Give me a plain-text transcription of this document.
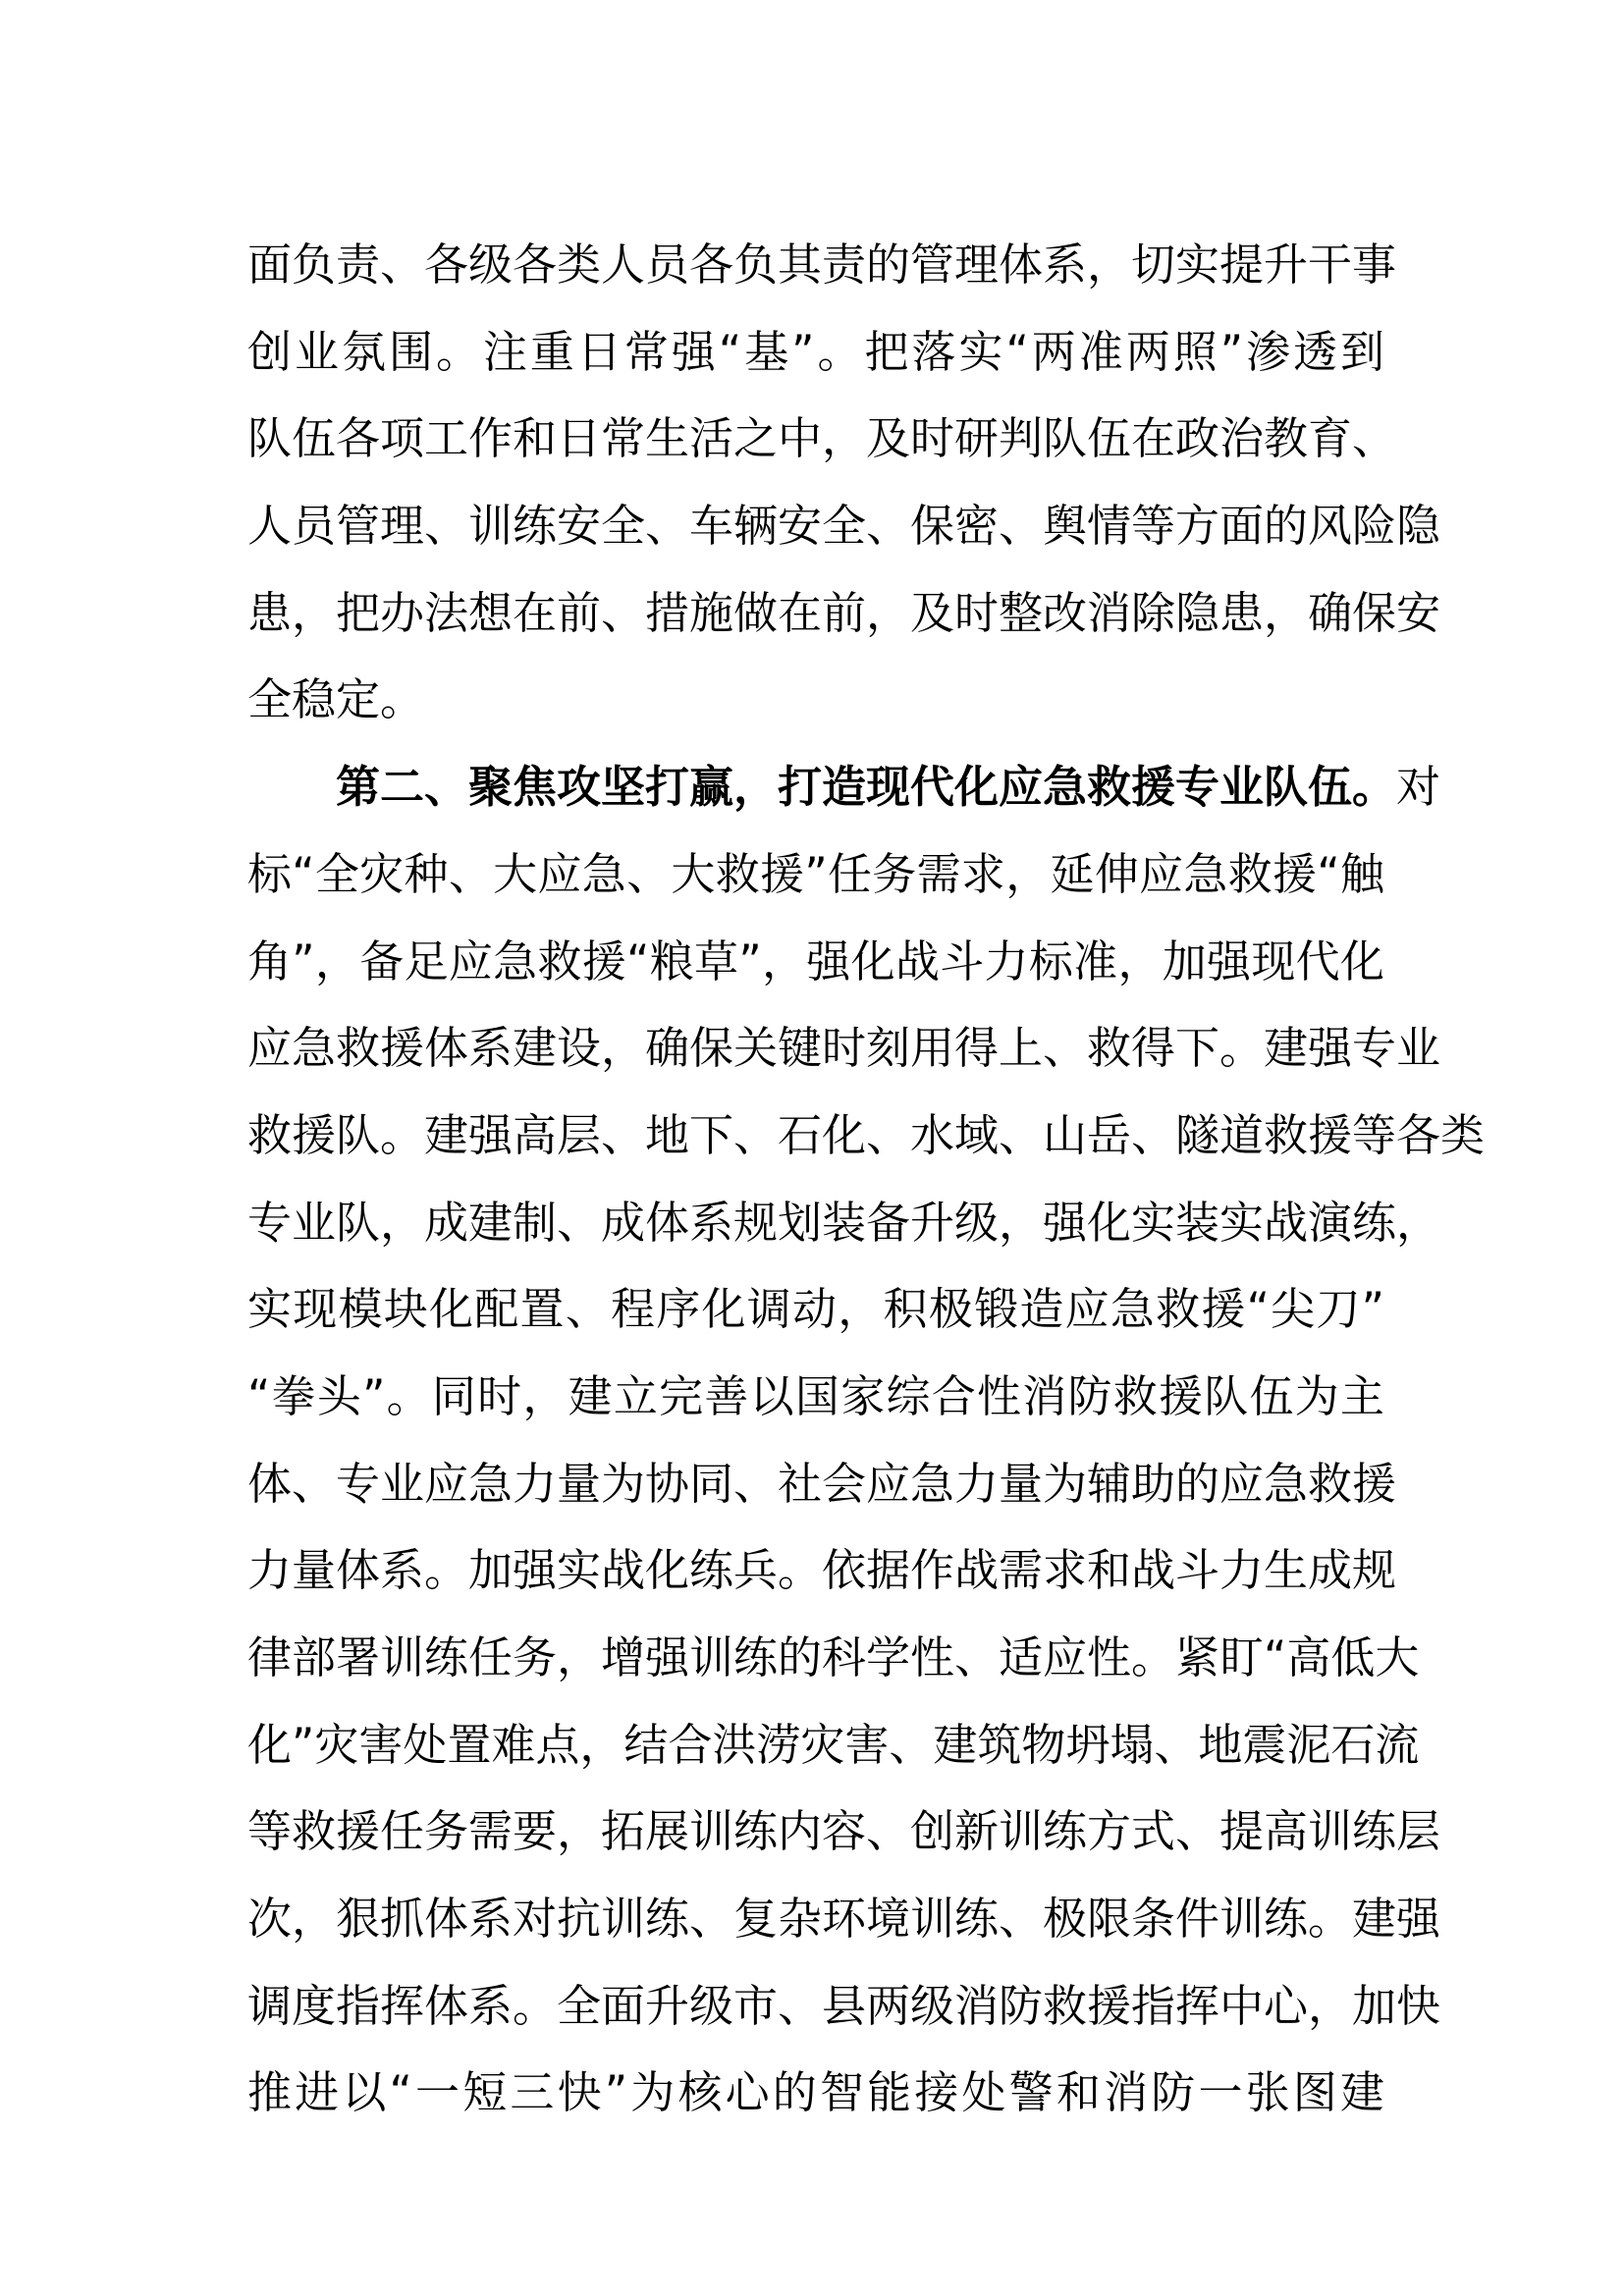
面负责、各级各类人员各负其责的管理体系，切实提升干事
创业氛围。注重日常强“基”。把落实“两准两照”渗透到
队伍各项工作和日常生活之中，及时研判队伍在政治教育、
人员管理、训练安全、车辆安全、保密、舆情等方面的风险隐
患，把办法想在前、措施做在前，及时整改消除隐患，确保安
全稳定。
第二、聚焦攻坚打赢，打造现代化应急救援专业队伍。对
标“全灾种、大应急、大救援”任务需求，延伸应急救援“触
角”，备足应急救援“粮草”，强化战斗力标准，加强现代化
应急救援体系建设，确保关键时刻用得上、救得下。建强专业
救援队。建强高层、地下、石化、水域、山岳、隧道救援等各类
专业队，成建制、成体系规划装备升级，强化实装实战演练，
实现模块化配置、程序化调动，积极锻造应急救援“尖刀”
“拳头”。同时，建立完善以国家综合性消防救援队伍为主
体、专业应急力量为协同、社会应急力量为辅助的应急救援
力量体系。加强实战化练兵。依据作战需求和战斗力生成规
律部署训练任务，增强训练的科学性、适应性。紧盯“高低大
化”灾害处置难点，结合洪涝灾害、建筑物坍塌、地震泥石流
等救援任务需要，拓展训练内容、创新训练方式、提高训练层
次，狠抓体系对抗训练、复杂环境训练、极限条件训练。建强
调度指挥体系。全面升级市、县两级消防救援指挥中心，加快
推进以“一短三快”为核心的智能接处警和消防一张图建
